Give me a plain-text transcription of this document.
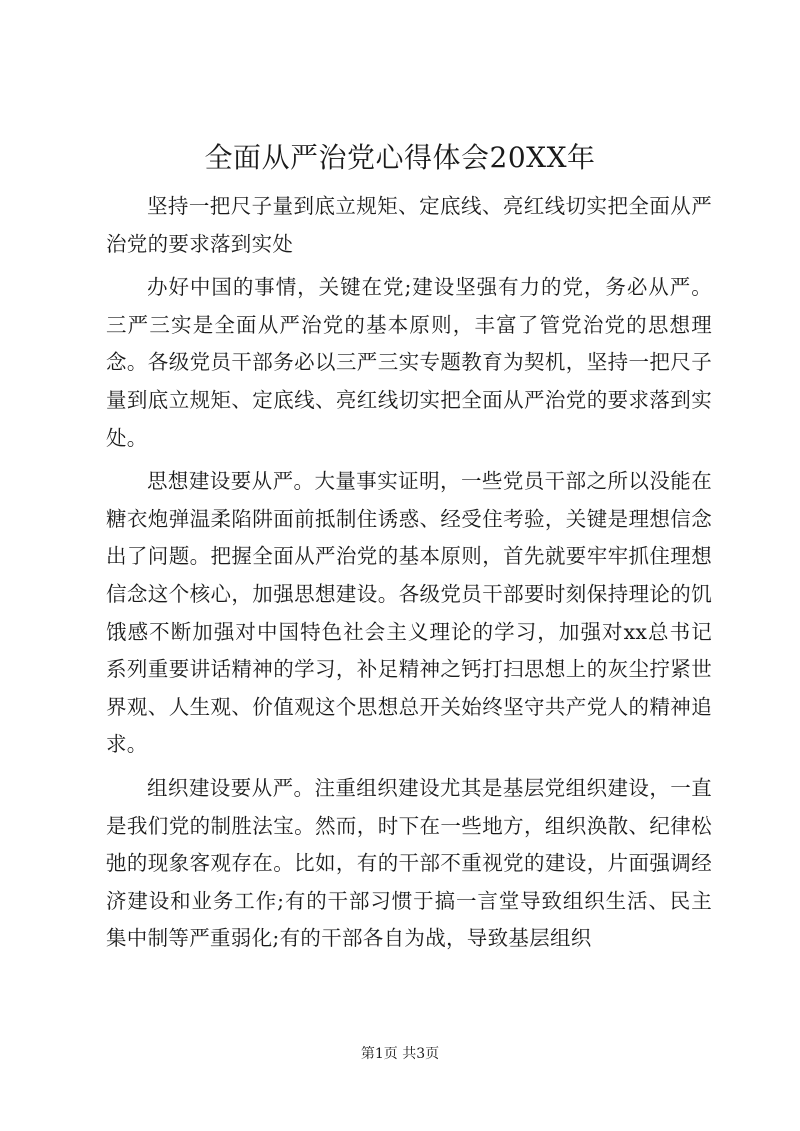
全面从严治党心得体会20XX年

坚持一把尺子量到底立规矩、定底线、亮红线切实把全面从严治党的要求落到实处

办好中国的事情，关键在党;建设坚强有力的党，务必从严。三严三实是全面从严治党的基本原则，丰富了管党治党的思想理念。各级党员干部务必以三严三实专题教育为契机，坚持一把尺子量到底立规矩、定底线、亮红线切实把全面从严治党的要求落到实处。

思想建设要从严。大量事实证明，一些党员干部之所以没能在糖衣炮弹温柔陷阱面前抵制住诱惑、经受住考验，关键是理想信念出了问题。把握全面从严治党的基本原则，首先就要牢牢抓住理想信念这个核心，加强思想建设。各级党员干部要时刻保持理论的饥饿感不断加强对中国特色社会主义理论的学习，加强对xx总书记系列重要讲话精神的学习，补足精神之钙打扫思想上的灰尘拧紧世界观、人生观、价值观这个思想总开关始终坚守共产党人的精神追求。

组织建设要从严。注重组织建设尤其是基层党组织建设，一直是我们党的制胜法宝。然而，时下在一些地方，组织涣散、纪律松弛的现象客观存在。比如，有的干部不重视党的建设，片面强调经济建设和业务工作;有的干部习惯于搞一言堂导致组织生活、民主集中制等严重弱化;有的干部各自为战，导致基层组织

第1页 共3页
